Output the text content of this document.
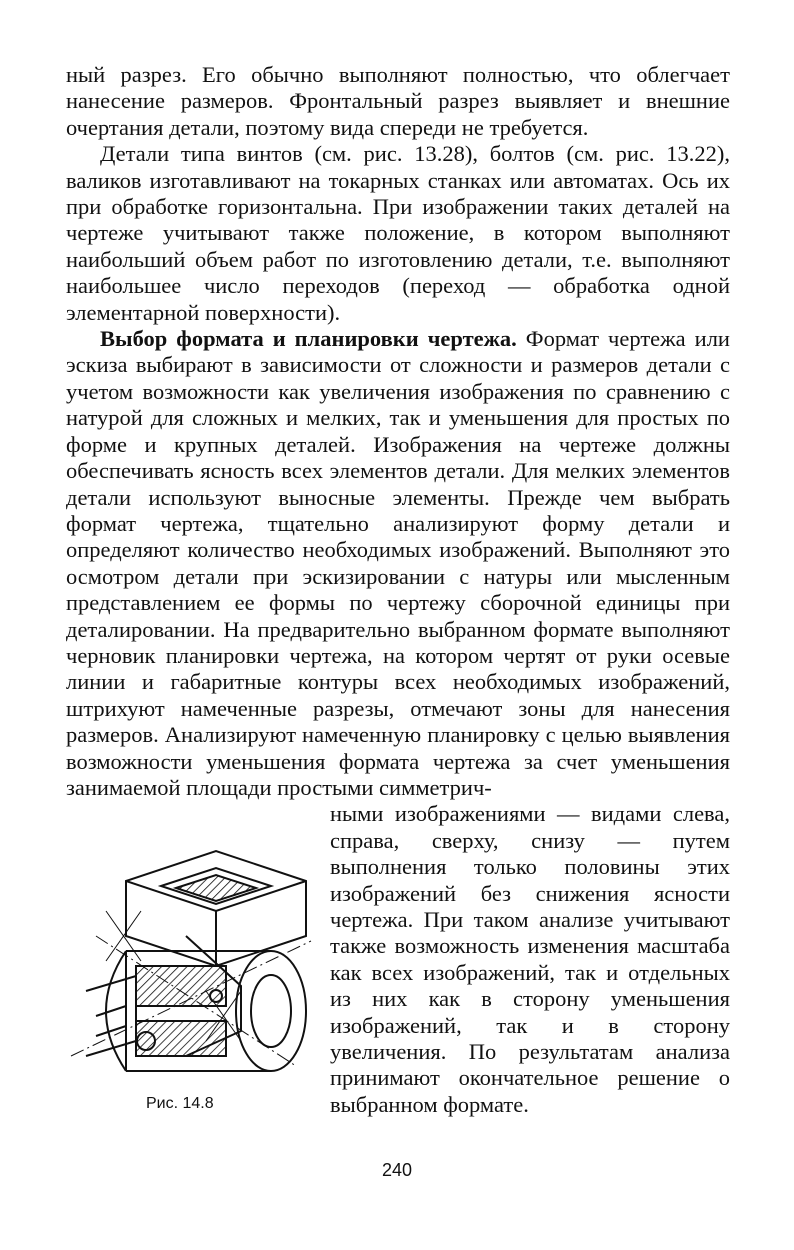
ный разрез. Его обычно выполняют полностью, что облегчает нанесение размеров. Фронтальный разрез выявляет и внешние очертания детали, поэтому вида спереди не требуется.

Детали типа винтов (см. рис. 13.28), болтов (см. рис. 13.22), валиков изготавливают на токарных станках или автоматах. Ось их при обработке горизонтальна. При изображении таких деталей на чертеже учитывают также положение, в котором выполняют наибольший объем работ по изготовлению детали, т.е. выполняют наибольшее число переходов (переход — обработка одной элементарной поверхности).

Выбор формата и планировки чертежа. Формат чертежа или эскиза выбирают в зависимости от сложности и размеров детали с учетом возможности как увеличения изображения по сравнению с натурой для сложных и мелких, так и уменьшения для простых по форме и крупных деталей. Изображения на чертеже должны обеспечивать ясность всех элементов детали. Для мелких элементов детали используют выносные элементы. Прежде чем выбрать формат чертежа, тщательно анализируют форму детали и определяют количество необходимых изображений. Выполняют это осмотром детали при эскизировании с натуры или мысленным представлением ее формы по чертежу сборочной единицы при деталировании. На предварительно выбранном формате выполняют черновик планировки чертежа, на котором чертят от руки осевые линии и габаритные контуры всех необходимых изображений, штрихуют намеченные разрезы, отмечают зоны для нанесения размеров. Анализируют намеченную планировку с целью выявления возможности уменьшения формата чертежа за счет уменьшения занимаемой площади простыми симметрич-

Рис. 14.8

ными изображениями — видами слева, справа, сверху, снизу — путем выполнения только половины этих изображений без снижения ясности чертежа. При таком анализе учитывают также возможность изменения масштаба как всех изображений, так и отдельных из них как в сторону уменьшения изображений, так и в сторону увеличения. По результатам анализа принимают окончательное решение о выбранном формате.

240
